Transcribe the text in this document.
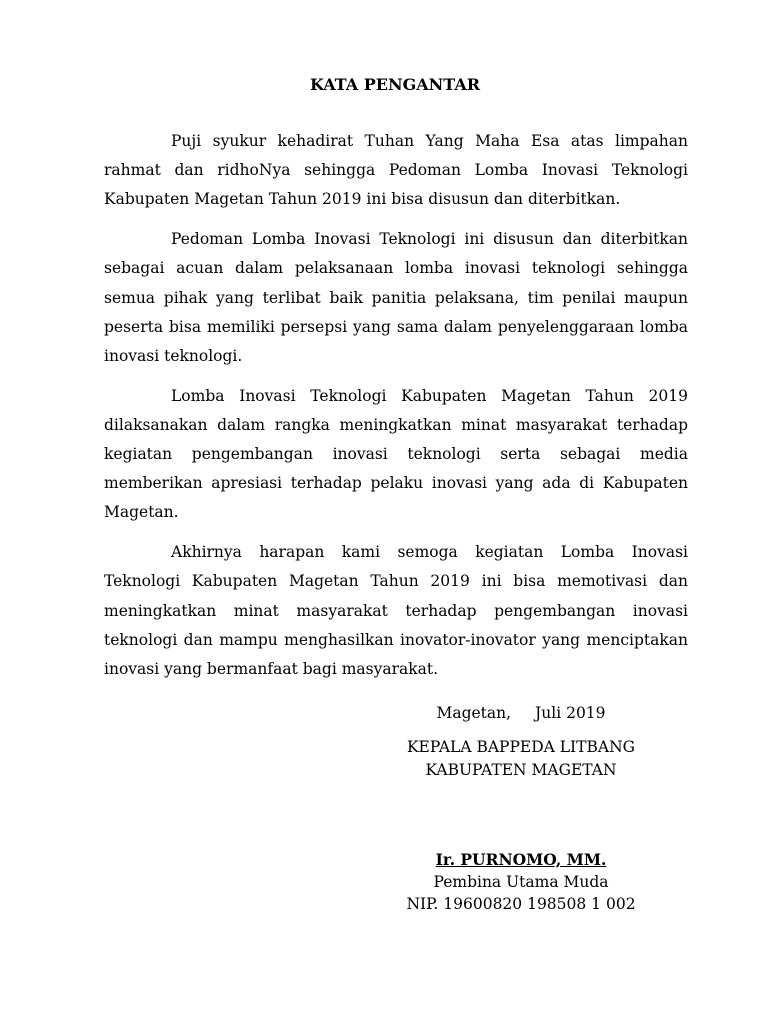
KATA PENGANTAR

Puji syukur kehadirat Tuhan Yang Maha Esa atas limpahan rahmat dan ridhoNya sehingga Pedoman Lomba Inovasi Teknologi Kabupaten Magetan Tahun 2019 ini bisa disusun dan diterbitkan.

Pedoman Lomba Inovasi Teknologi ini disusun dan diterbitkan sebagai acuan dalam pelaksanaan lomba inovasi teknologi sehingga semua pihak yang terlibat baik panitia pelaksana, tim penilai maupun peserta bisa memiliki persepsi yang sama dalam penyelenggaraan lomba inovasi teknologi.

Lomba Inovasi Teknologi Kabupaten Magetan Tahun 2019 dilaksanakan dalam rangka meningkatkan minat masyarakat terhadap kegiatan pengembangan inovasi teknologi serta sebagai media memberikan apresiasi terhadap pelaku inovasi yang ada di Kabupaten Magetan.

Akhirnya harapan kami semoga kegiatan Lomba Inovasi Teknologi Kabupaten Magetan Tahun 2019 ini bisa memotivasi dan meningkatkan minat masyarakat terhadap pengembangan inovasi teknologi dan mampu menghasilkan inovator-inovator yang menciptakan inovasi yang bermanfaat bagi masyarakat.

Magetan, Juli 2019
KEPALA BAPPEDA LITBANG
KABUPATEN MAGETAN
Ir. PURNOMO, MM.
Pembina Utama Muda
NIP. 19600820 198508 1 002
